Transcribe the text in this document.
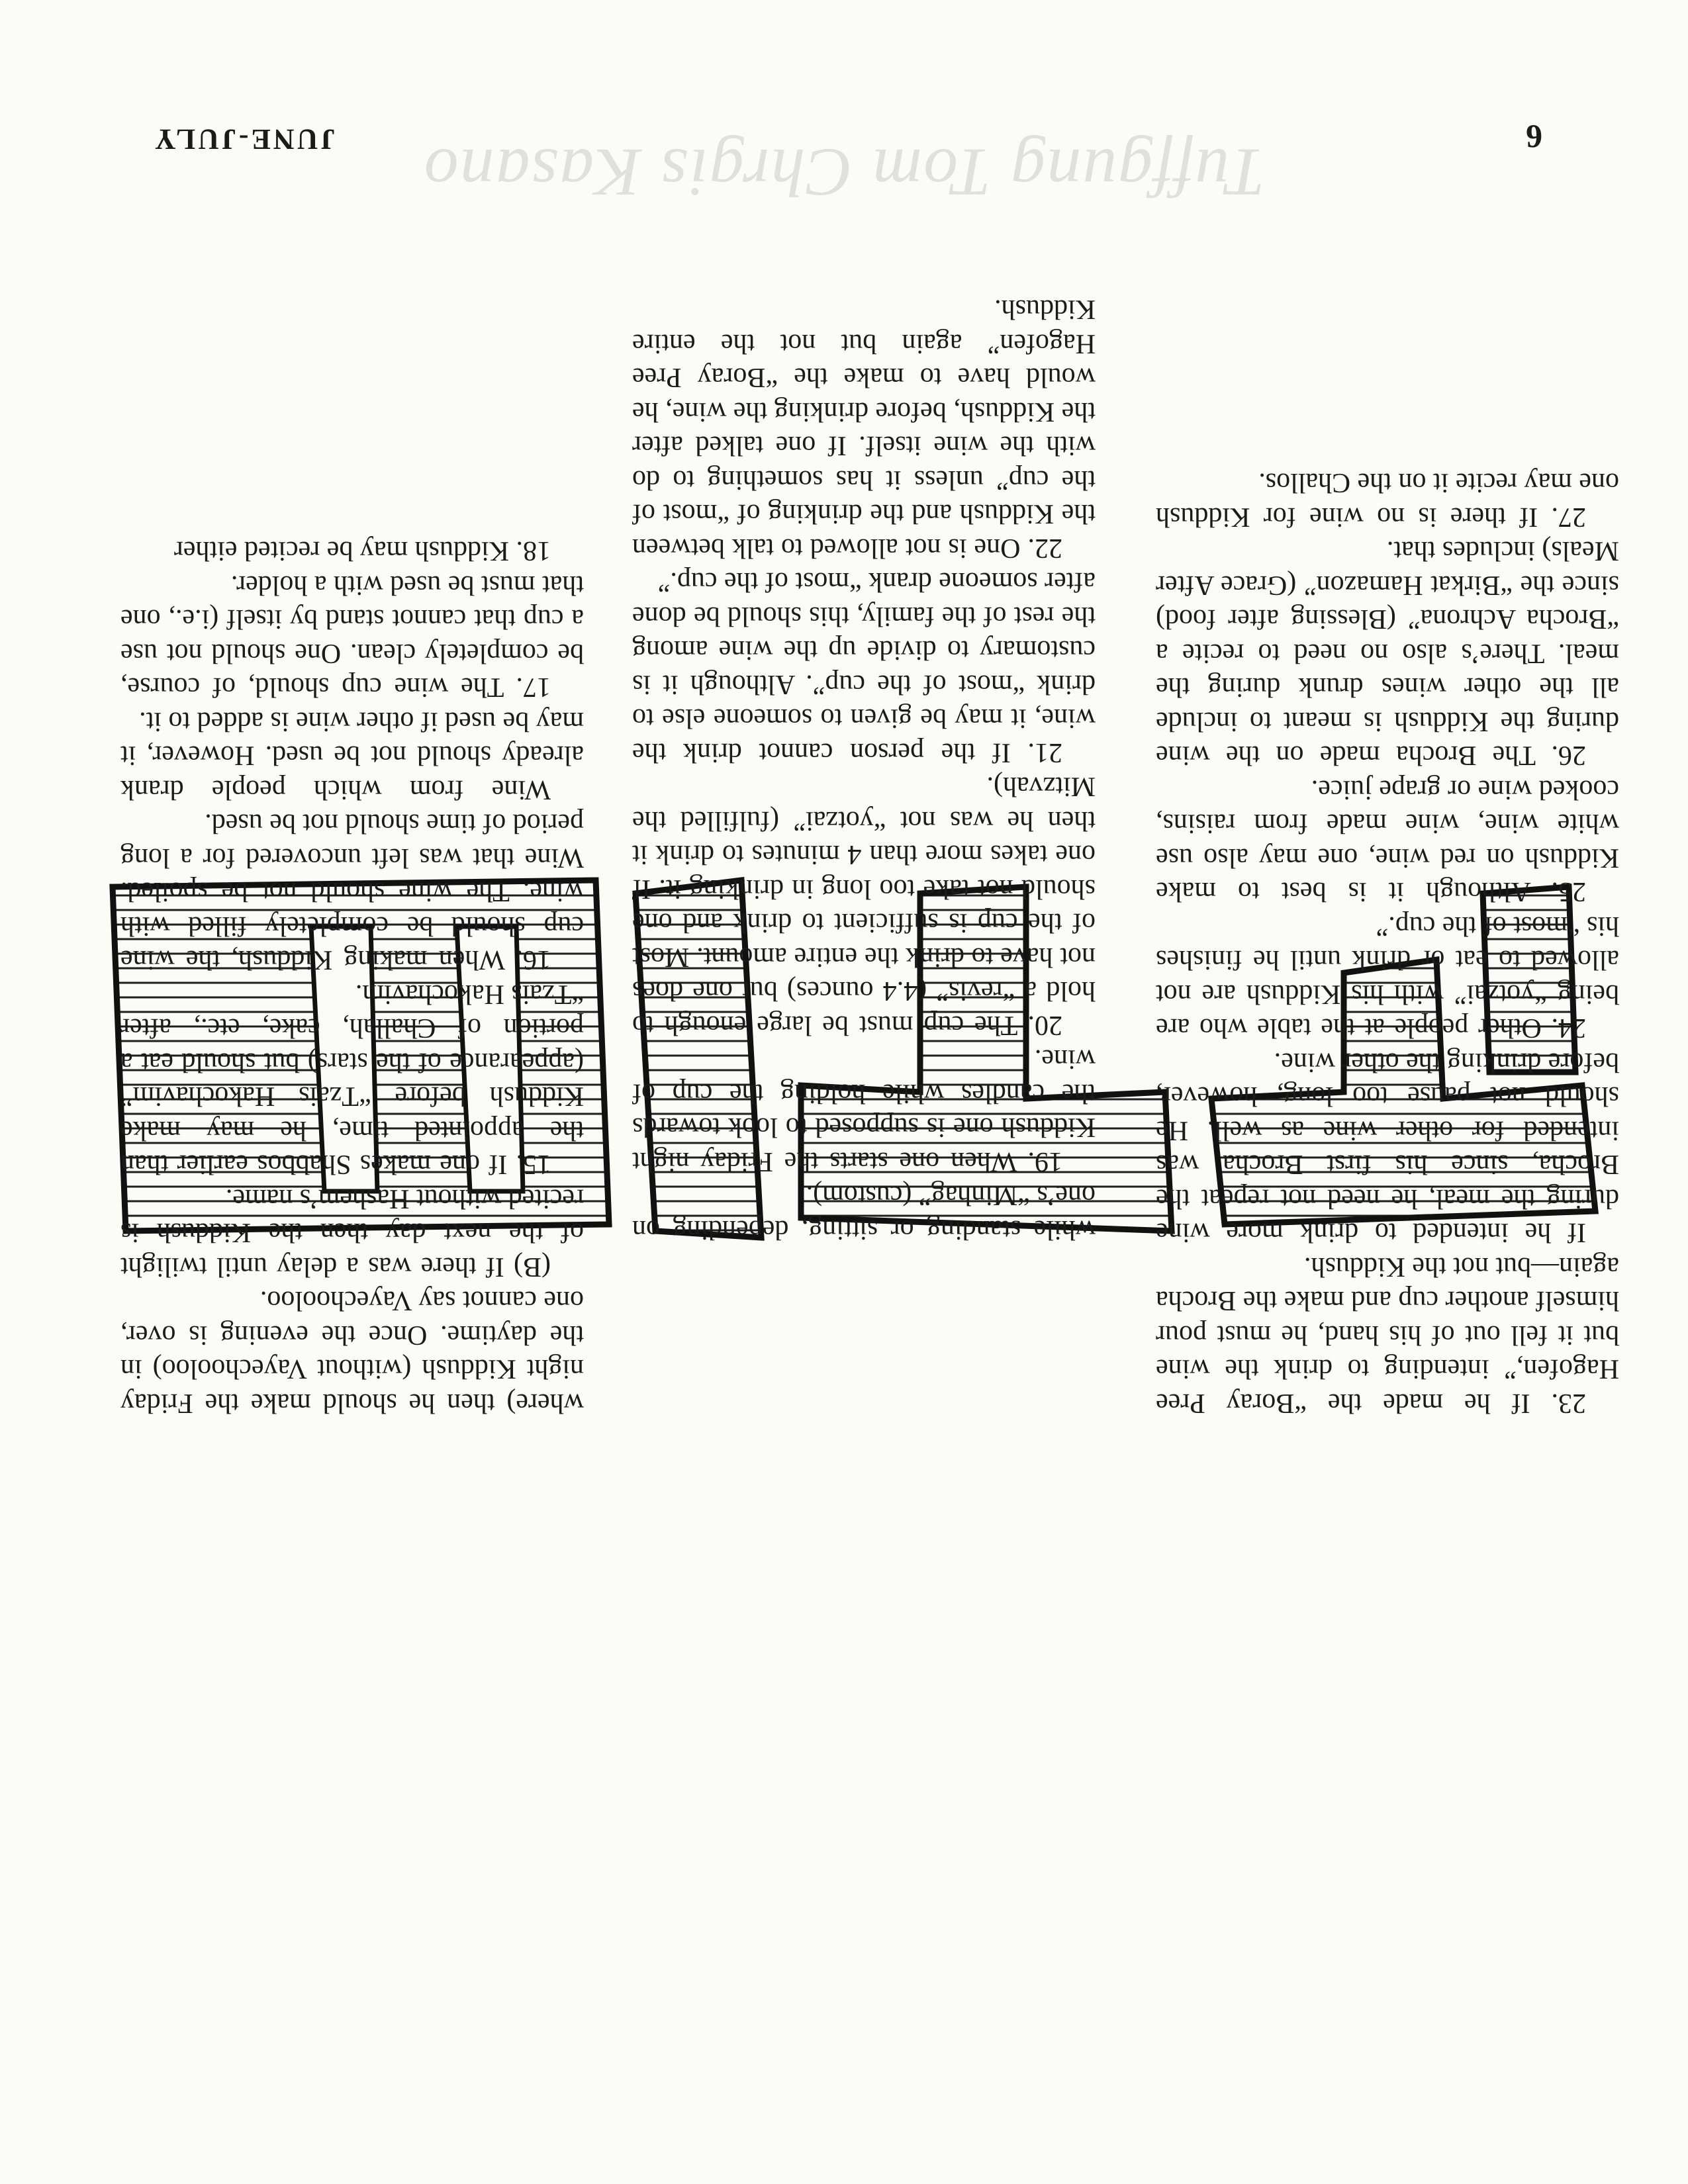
Tuffgung Tom Chrgis Kasano

23. If he made the “Boray Pree Hagofen,” intending to drink the wine but it fell out of his hand, he must pour himself another cup and make the Brocha again—but not the Kiddush.

If he intended to drink more wine during the meal, he need not repeat the Brocha, since his first Brocha was intended for other wine as well. He should not pause too long, however, before drinking the other wine.

24. Other people at the table who are being “yotzai” with his Kiddush are not allowed to eat or drink until he finishes his “most of the cup.”

25. Although it is best to make Kiddush on red wine, one may also use white wine, wine made from raisins, cooked wine or grape juice.

26. The Brocha made on the wine during the Kiddush is meant to include all the other wines drunk during the meal. There’s also no need to recite a “Brocha Achrona” (Blessing after food) since the “Birkat Hamazon” (Grace After Meals) includes that.

27. If there is no wine for Kiddush one may recite it on the Challos.

while standing or sitting, depending on one’s “Minhag” (custom).

19. When one starts the Friday night Kiddush one is supposed to look towards the candles while holding the cup of wine.

20. The cup must be large enough to hold a “revis” (4.4 ounces) but one does not have to drink the entire amount. Most of the cup is sufficient to drink and one should not take too long in drinking it. If one takes more than 4 minutes to drink it then he was not “yotzai” (fulfilled the Mitzvah).

21. If the person cannot drink the wine, it may be given to someone else to drink “most of the cup”. Although it is customary to divide up the wine among the rest of the family, this should be done after someone drank “most of the cup.”

22. One is not allowed to talk between the Kiddush and the drinking of “most of the cup” unless it has something to do with the wine itself. If one talked after the Kiddush, before drinking the wine, he would have to make the “Boray Pree Hagofen” again but not the entire Kiddush.

where) then he should make the Friday night Kiddush (without Vayechooloo) in the daytime. Once the evening is over, one cannot say Vayechooloo.

(B) If there was a delay until twilight of the next day then the Kiddush is recited without Hashem’s name.

15. If one makes Shabbos earlier than the appointed time, he may make Kiddush before “Tzais Hakochavim” (appearance of the stars) but should eat a portion of Challah, cake, etc., after “Tzais Hakochavim.

16. When making Kiddush, the wine cup should be completely filled with wine. The wine should not be spoiled. Wine that was left uncovered for a long period of time should not be used.

Wine from which people drank already should not be used. However, it may be used if other wine is added to it.

17. The wine cup should, of course, be completely clean. One should not use a cup that cannot stand by itself (i.e., one that must be used with a holder.

18. Kiddush may be recited either

6
JUNE-JULY
